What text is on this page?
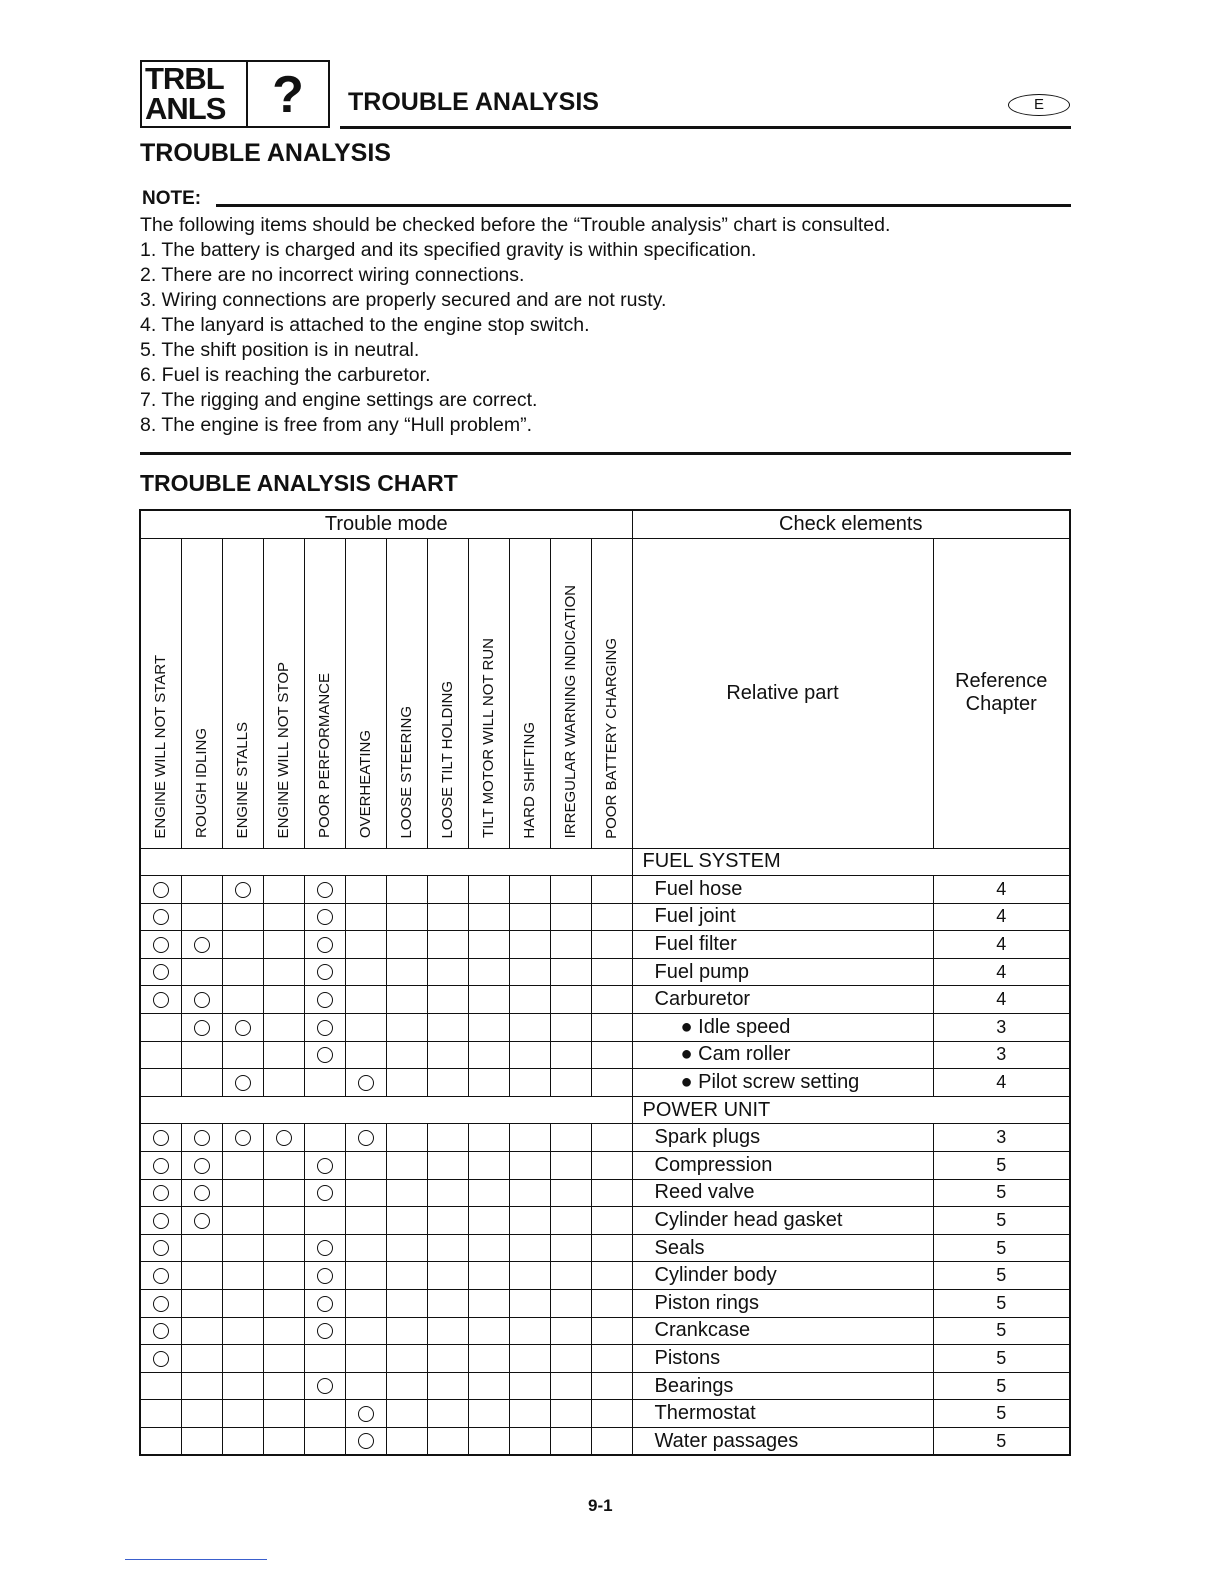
TRBL
ANLS ?	TROUBLE ANALYSIS	E
TROUBLE ANALYSIS
NOTE:
The following items should be checked before the “Trouble analysis” chart is consulted.
1. The battery is charged and its specified gravity is within specification.
2. There are no incorrect wiring connections.
3. Wiring connections are properly secured and are not rusty.
4. The lanyard is attached to the engine stop switch.
5. The shift position is in neutral.
6. Fuel is reaching the carburetor.
7. The rigging and engine settings are correct.
8. The engine is free from any “Hull problem”.
TROUBLE ANALYSIS CHART
Trouble mode												Check elements	

ENGINE WILL NOT START	ROUGH IDLING	ENGINE STALLS	ENGINE WILL NOT STOP	POOR PERFORMANCE	OVERHEATING	LOOSE STEERING	LOOSE TILT HOLDING	TILT MOTOR WILL NOT RUN	HARD SHIFTING	IRREGULAR WARNING INDICATION	POOR BATTERY CHARGING	Relative part	Reference Chapter
												FUEL SYSTEM	
												Fuel hose	4
												Fuel joint	4
												Fuel filter	4
												Fuel pump	4
												Carburetor	4
												● Idle speed	3
												● Cam roller	3
												● Pilot screw setting	4
												POWER UNIT	
												Spark plugs	3
												Compression	5
												Reed valve	5
												Cylinder head gasket	5
												Seals	5
												Cylinder body	5
												Piston rings	5
												Crankcase	5
												Pistons	5
												Bearings	5
												Thermostat	5
												Water passages	5
9-1
